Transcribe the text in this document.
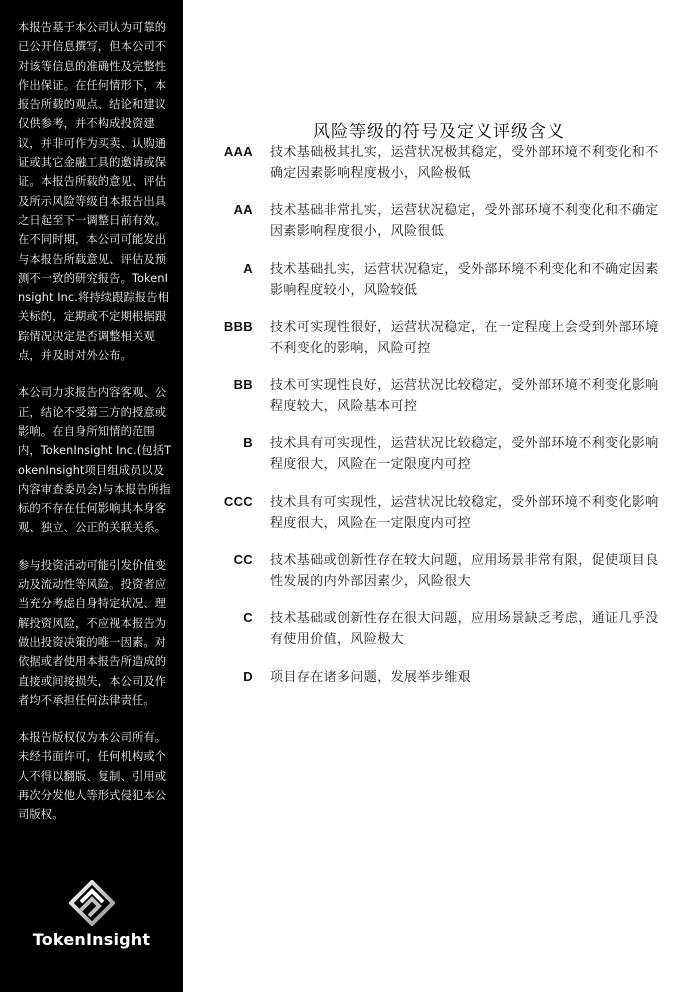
本报告基于本公司认为可靠的已公开信息撰写，但本公司不对该等信息的准确性及完整性作出保证。在任何情形下，本报告所载的观点、结论和建议仅供参考，并不构成投资建议，并非可作为买卖、认购通证或其它金融工具的邀请或保证。本报告所载的意见、评估及所示风险等级自本报告出具之日起至下一调整日前有效。在不同时期，本公司可能发出与本报告所载意见、评估及预测不一致的研究报告。TokenInsight Inc.将持续跟踪报告相关标的，定期或不定期根据跟踪情况决定是否调整相关观点，并及时对外公布。

本公司力求报告内容客观、公正，结论不受第三方的授意或影响。在自身所知情的范围内，TokenInsight Inc.(包括TokenInsight项目组成员以及内容审查委员会)与本报告所指标的不存在任何影响其本身客观、独立、公正的关联关系。

参与投资活动可能引发价值变动及流动性等风险。投资者应当充分考虑自身特定状况、理解投资风险，不应视本报告为做出投资决策的唯一因素。对依据或者使用本报告所造成的直接或间接损失，本公司及作者均不承担任何法律责任。

本报告版权仅为本公司所有。未经书面许可，任何机构或个人不得以翻版、复制、引用或再次分发他人等形式侵犯本公司版权。

TokenInsight
风险等级的符号及定义评级含义
AAA 技术基础极其扎实，运营状况极其稳定，受外部环境不利变化和不确定因素影响程度极小，风险极低
AA 技术基础非常扎实，运营状况稳定，受外部环境不利变化和不确定因素影响程度很小，风险很低
A 技术基础扎实，运营状况稳定，受外部环境不利变化和不确定因素影响程度较小，风险较低
BBB 技术可实现性很好，运营状况稳定，在一定程度上会受到外部环境不利变化的影响，风险可控
BB 技术可实现性良好，运营状况比较稳定，受外部环境不利变化影响程度较大，风险基本可控
B 技术具有可实现性，运营状况比较稳定，受外部环境不利变化影响程度很大，风险在一定限度内可控
CCC 技术具有可实现性，运营状况比较稳定，受外部环境不利变化影响程度很大，风险在一定限度内可控
CC 技术基础或创新性存在较大问题，应用场景非常有限，促使项目良性发展的内外部因素少，风险很大
C 技术基础或创新性存在很大问题，应用场景缺乏考虑，通证几乎没有使用价值，风险极大
D 项目存在诸多问题，发展举步维艰
